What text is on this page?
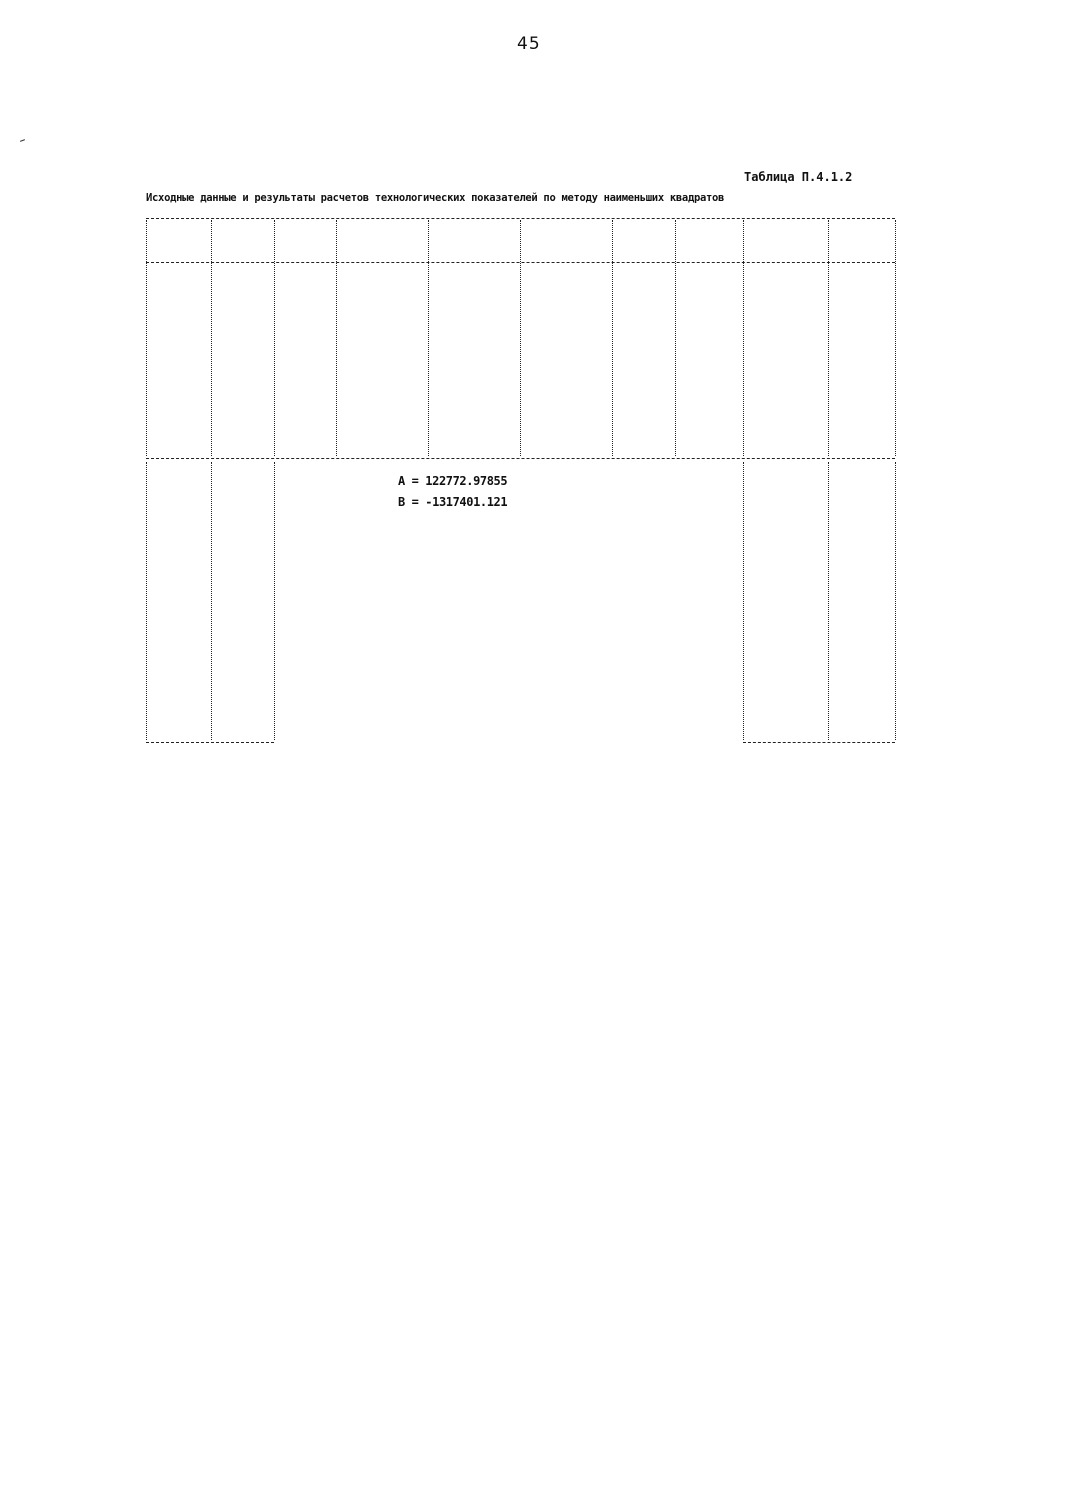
45
Таблица П.4.1.2
Исходные данные и результаты расчетов технологических показателей по методу наименьших квадратов
A = 122772.97855
B = -1317401.121
